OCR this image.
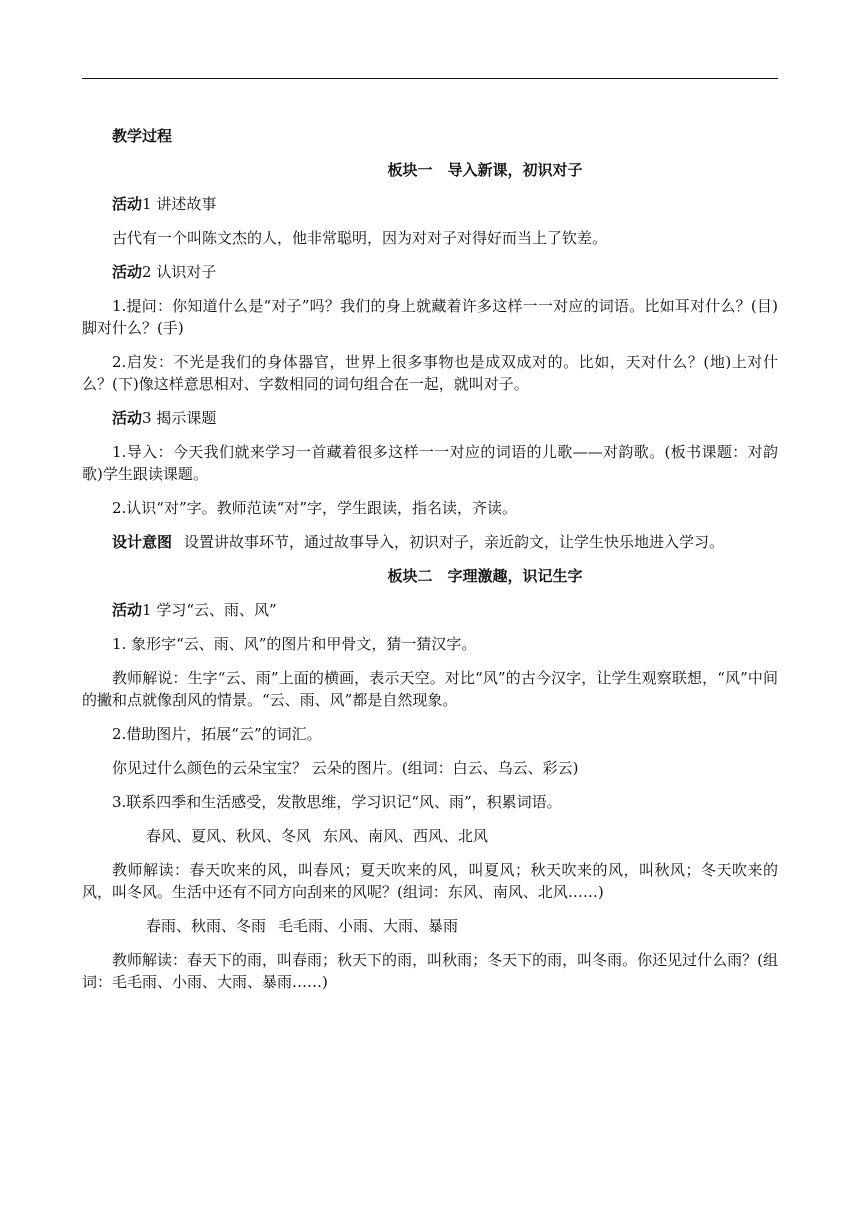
教学过程
板块一　导入新课，初识对子
活动1 讲述故事
古代有一个叫陈文杰的人，他非常聪明，因为对对子对得好而当上了钦差。
活动2 认识对子
1.提问：你知道什么是“对子”吗？我们的身上就藏着许多这样一一对应的词语。比如耳对什么？(目)脚对什么？(手)
2.启发：不光是我们的身体器官，世界上很多事物也是成双成对的。比如，天对什么？(地)上对什么？(下)像这样意思相对、字数相同的词句组合在一起，就叫对子。
活动3 揭示课题
1.导入：今天我们就来学习一首藏着很多这样一一对应的词语的儿歌——对韵歌。(板书课题：对韵歌)学生跟读课题。
2.认识“对”字。教师范读“对”字，学生跟读，指名读，齐读。
设计意图 设置讲故事环节，通过故事导入，初识对子，亲近韵文，让学生快乐地进入学习。
板块二　字理激趣，识记生字
活动1 学习“云、雨、风”
1. 象形字“云、雨、风”的图片和甲骨文，猜一猜汉字。
教师解说：生字“云、雨”上面的横画，表示天空。对比“风”的古今汉字，让学生观察联想，“风”中间的撇和点就像刮风的情景。“云、雨、风”都是自然现象。
2.借助图片，拓展“云”的词汇。
你见过什么颜色的云朵宝宝？ 云朵的图片。(组词：白云、乌云、彩云)
3.联系四季和生活感受，发散思维，学习识记“风、雨”，积累词语。
春风、夏风、秋风、冬风 东风、南风、西风、北风
教师解读：春天吹来的风，叫春风；夏天吹来的风，叫夏风；秋天吹来的风，叫秋风；冬天吹来的风，叫冬风。生活中还有不同方向刮来的风呢？(组词：东风、南风、北风……)
春雨、秋雨、冬雨 毛毛雨、小雨、大雨、暴雨
教师解读：春天下的雨，叫春雨；秋天下的雨，叫秋雨；冬天下的雨，叫冬雨。你还见过什么雨？(组词：毛毛雨、小雨、大雨、暴雨……)
